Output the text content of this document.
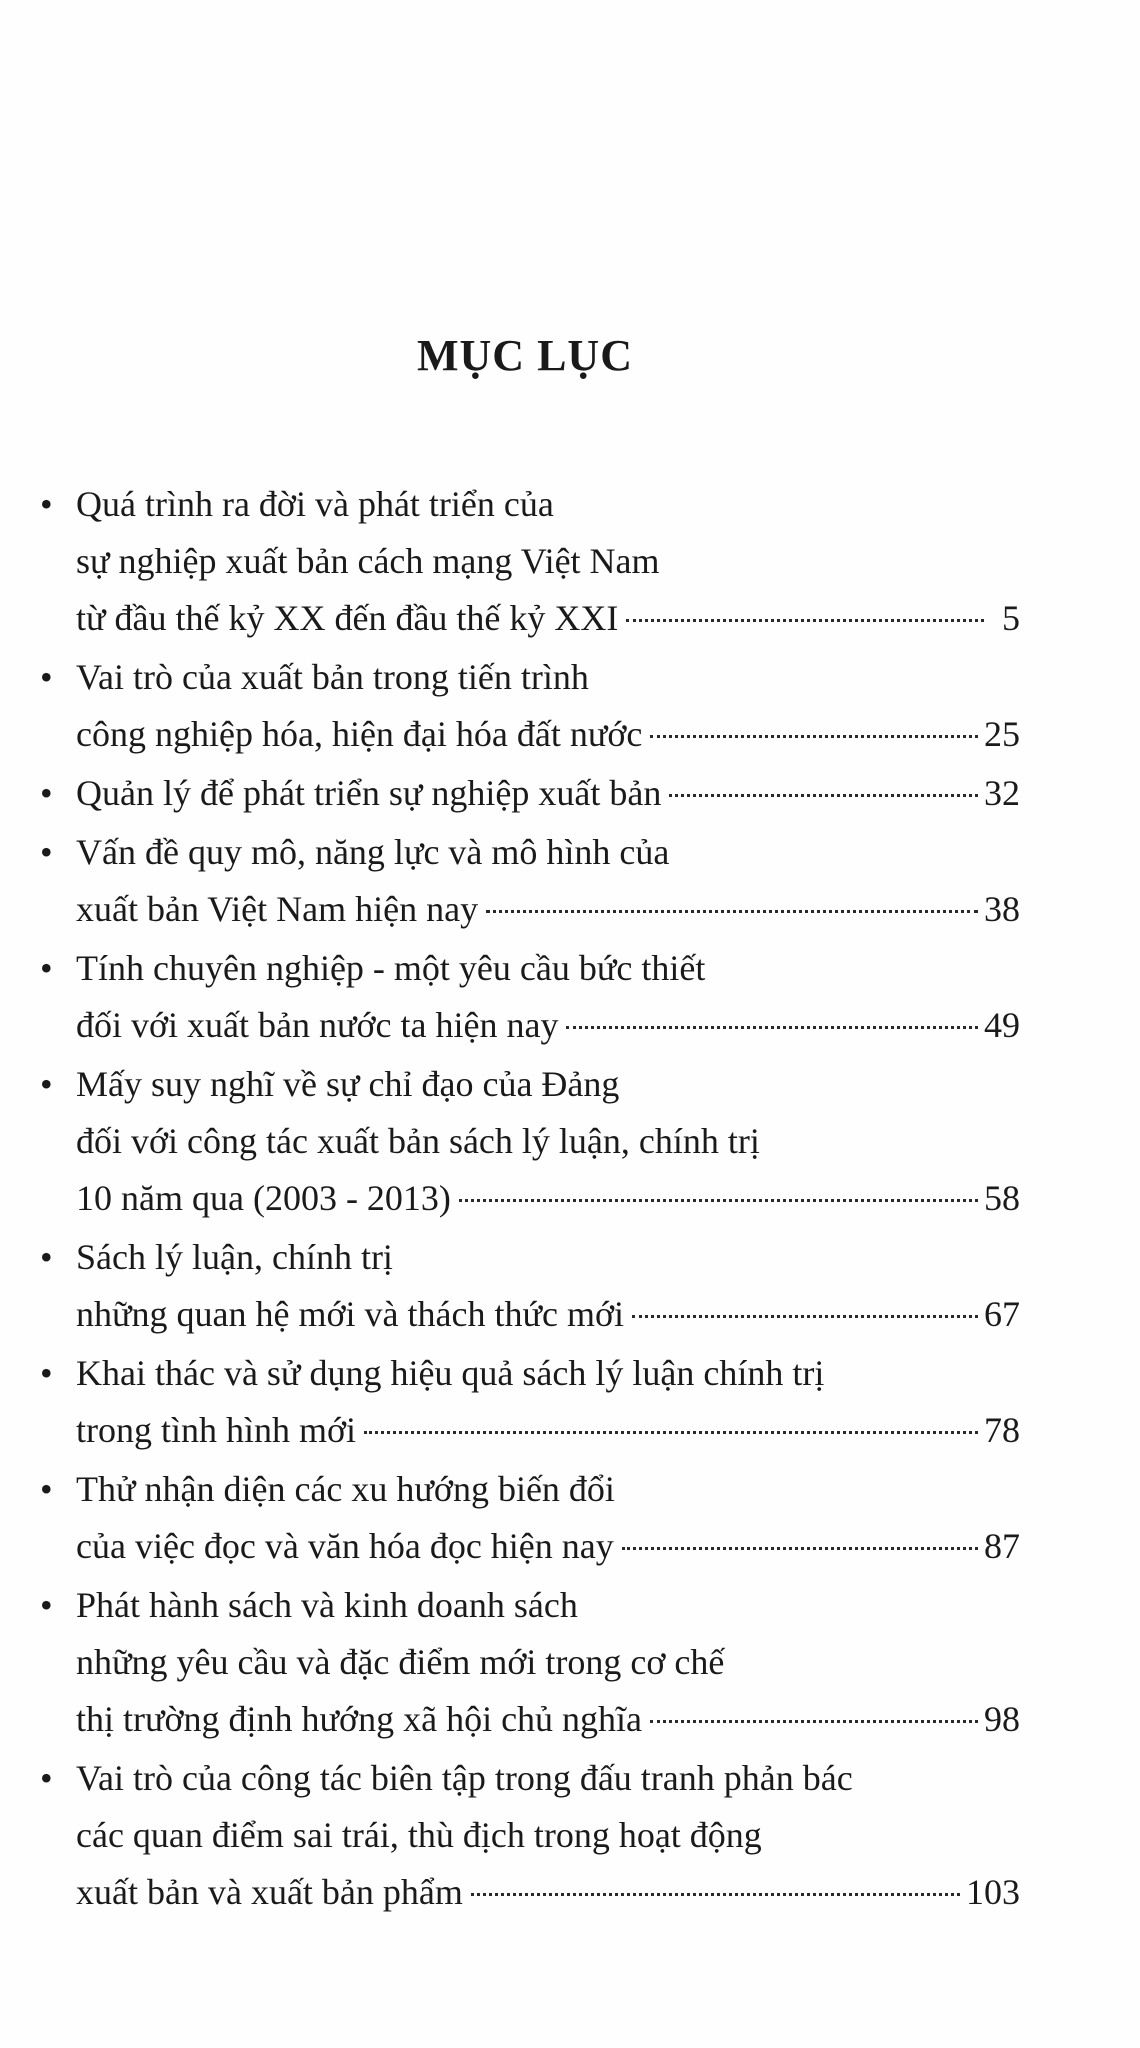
MỤC LỤC
• Quá trình ra đời và phát triển của
sự nghiệp xuất bản cách mạng Việt Nam
từ đầu thế kỷ XX đến đầu thế kỷ XXI	5
• Vai trò của xuất bản trong tiến trình
công nghiệp hóa, hiện đại hóa đất nước	25
• Quản lý để phát triển sự nghiệp xuất bản	32
• Vấn đề quy mô, năng lực và mô hình của
xuất bản Việt Nam hiện nay	38
• Tính chuyên nghiệp - một yêu cầu bức thiết
đối với xuất bản nước ta hiện nay	49
• Mấy suy nghĩ về sự chỉ đạo của Đảng
đối với công tác xuất bản sách lý luận, chính trị
10 năm qua (2003 - 2013)	58
• Sách lý luận, chính trị
những quan hệ mới và thách thức mới	67
• Khai thác và sử dụng hiệu quả sách lý luận chính trị
trong tình hình mới	78
• Thử nhận diện các xu hướng biến đổi
của việc đọc và văn hóa đọc hiện nay	87
• Phát hành sách và kinh doanh sách
những yêu cầu và đặc điểm mới trong cơ chế
thị trường định hướng xã hội chủ nghĩa	98
• Vai trò của công tác biên tập trong đấu tranh phản bác
các quan điểm sai trái, thù địch trong hoạt động
xuất bản và xuất bản phẩm	103
